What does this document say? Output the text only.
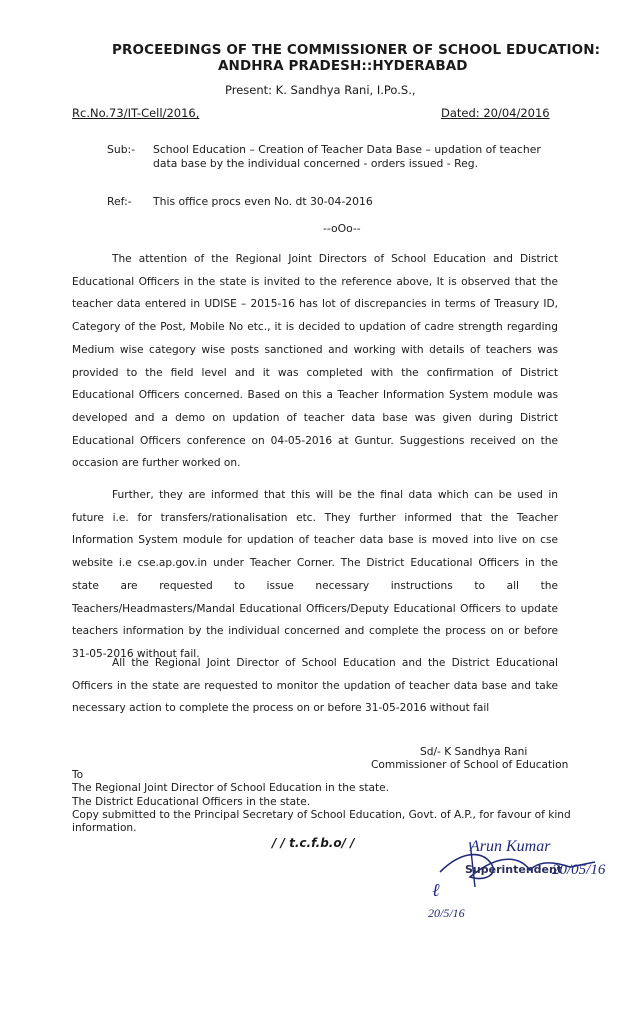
PROCEEDINGS OF THE COMMISSIONER OF SCHOOL EDUCATION:
ANDHRA PRADESH::HYDERABAD
Present: K. Sandhya Rani, I.Po.S.,
Rc.No.73/IT-Cell/2016,	Dated: 20/04/2016
Sub:- School Education – Creation of Teacher Data Base – updation of teacher
data base by the individual concerned - orders issued - Reg.
Ref:- This office procs even No. dt 30-04-2016
--oOo--

The attention of the Regional Joint Directors of School Education and District Educational Officers in the state is invited to the reference above, It is observed that the teacher data entered in UDISE – 2015-16 has lot of discrepancies in terms of Treasury ID, Category of the Post, Mobile No etc., it is decided to updation of cadre strength regarding Medium wise category wise posts sanctioned and working with details of teachers was provided to the field level and it was completed with the confirmation of District Educational Officers concerned. Based on this a Teacher Information System module was developed and a demo on updation of teacher data base was given during District Educational Officers conference on 04-05-2016 at Guntur. Suggestions received on the occasion are further worked on.

Further, they are informed that this will be the final data which can be used in future i.e. for transfers/rationalisation etc. They further informed that the Teacher Information System module for updation of teacher data base is moved into live on cse website i.e cse.ap.gov.in under Teacher Corner. The District Educational Officers in the state are requested to issue necessary instructions to all the Teachers/Headmasters/Mandal Educational Officers/Deputy Educational Officers to update teachers information by the individual concerned and complete the process on or before 31-05-2016 without fail.

All the Regional Joint Director of School Education and the District Educational Officers in the state are requested to monitor the updation of teacher data base and take necessary action to complete the process on or before 31-05-2016 without fail

Sd/- K Sandhya Rani
Commissioner of School of Education
To
The Regional Joint Director of School Education in the state.
The District Educational Officers in the state.
Copy submitted to the Principal Secretary of School Education, Govt. of A.P., for favour of kind
information.
/ / t.c.f.b.o/ /	Arun Kumar
Superintendent
20/05/16
ℓ
20/5/16
